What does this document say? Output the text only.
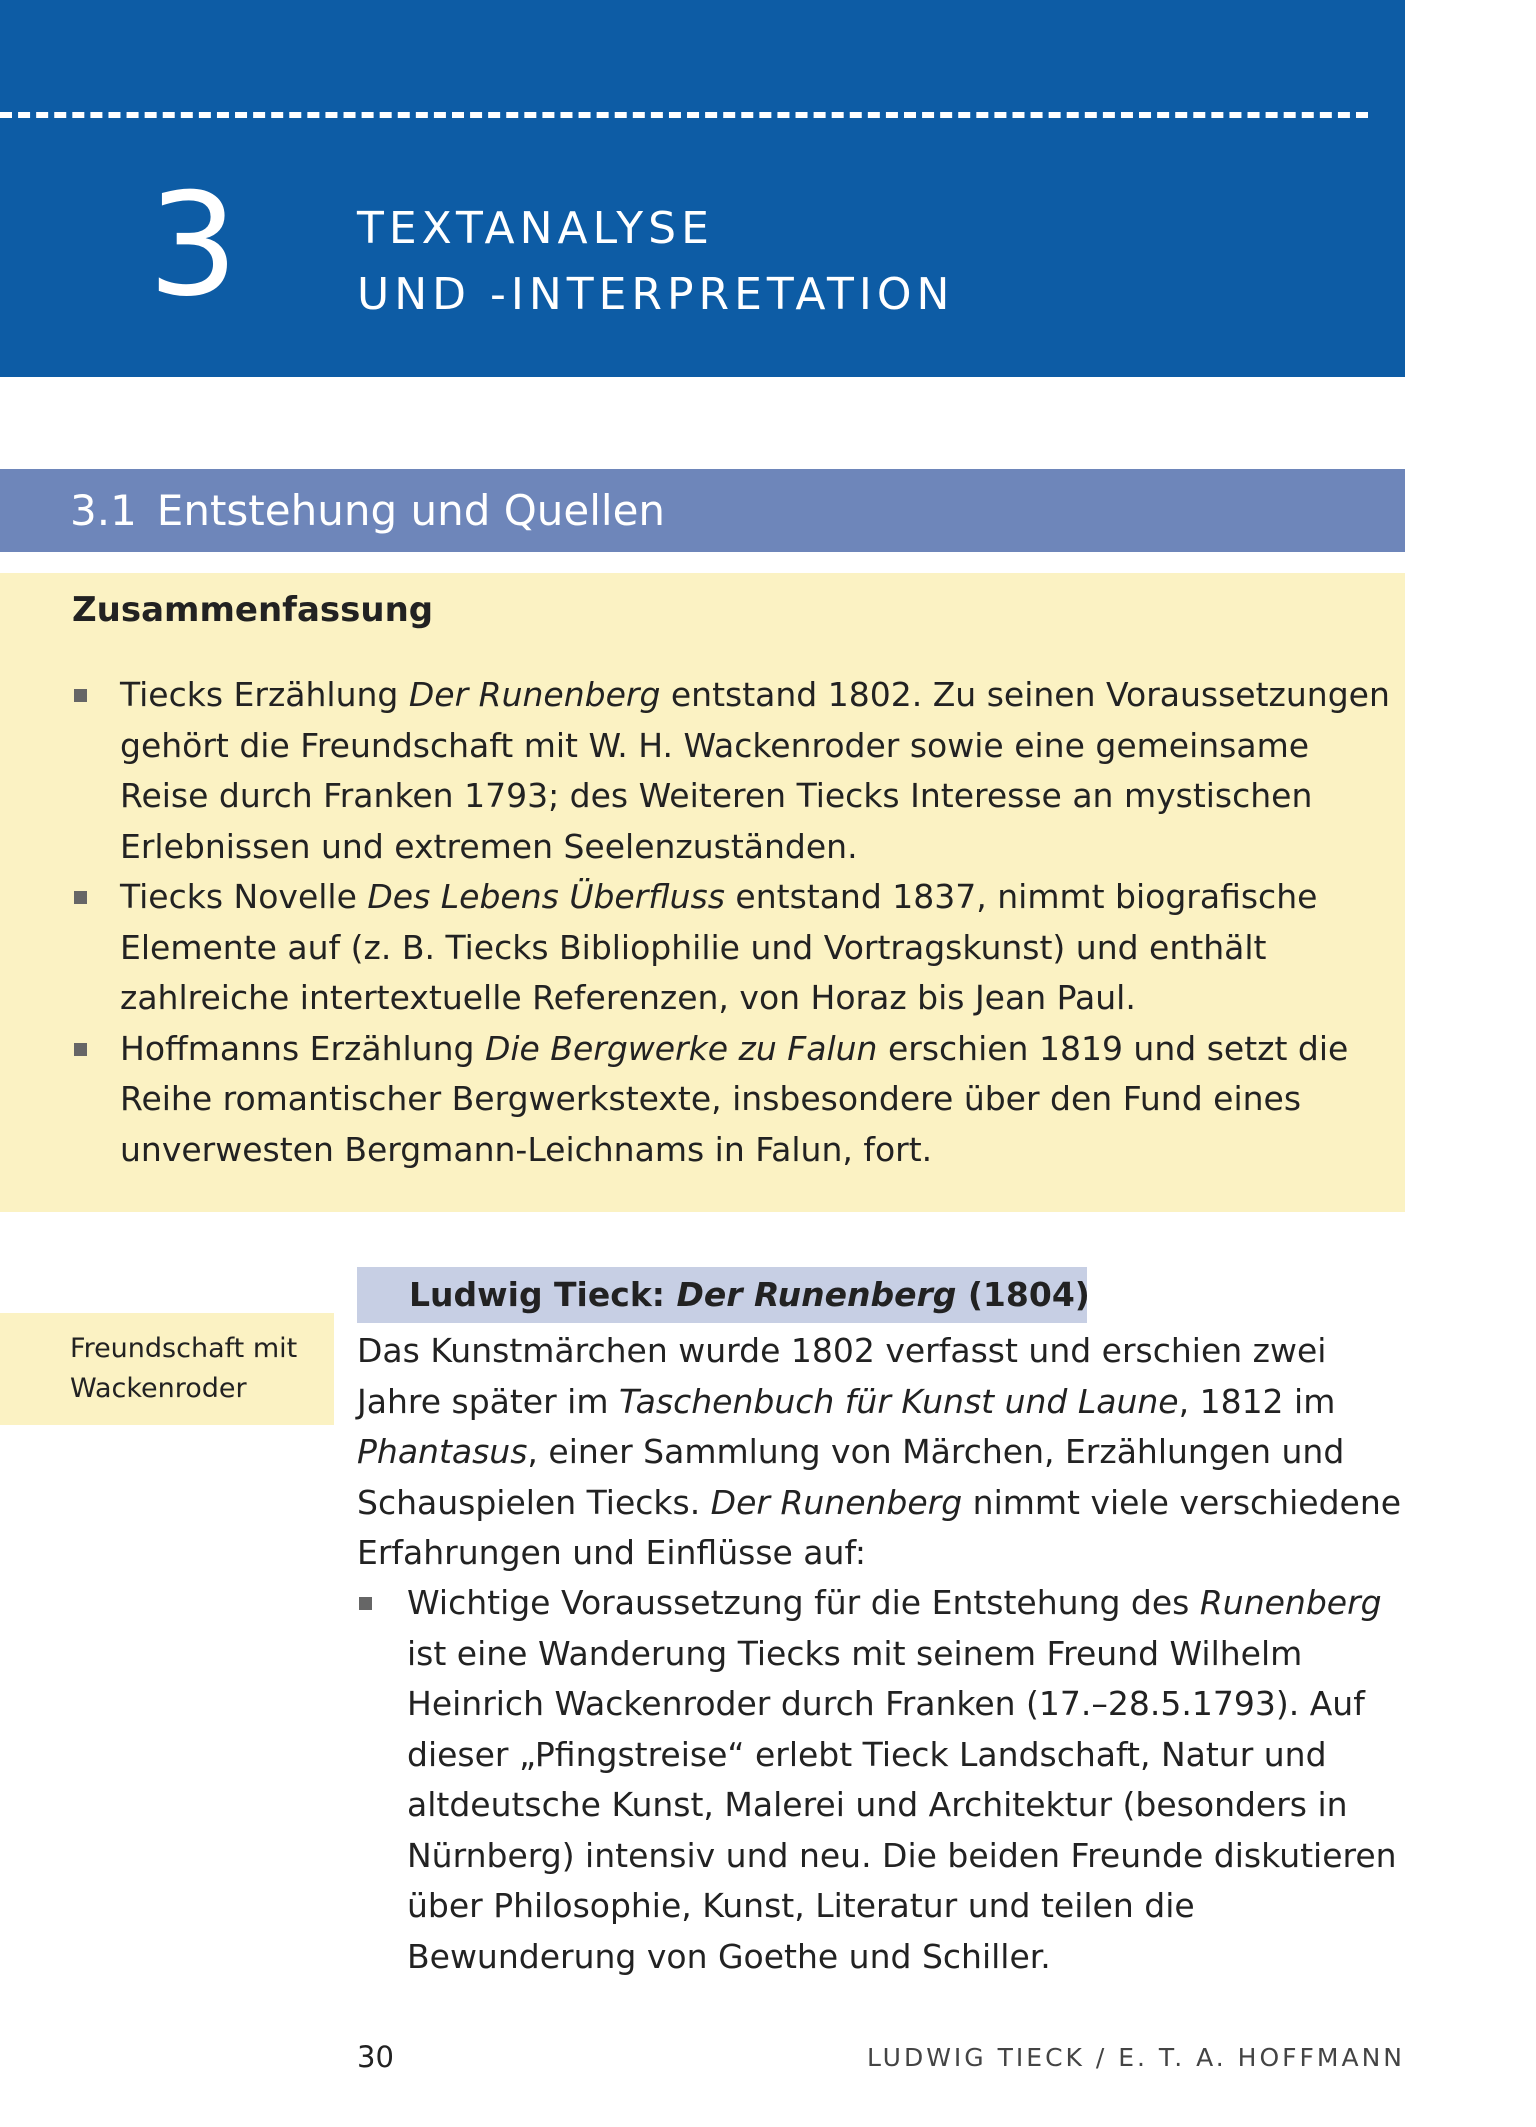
3	TEXTANALYSE
UND -INTERPRETATION
3.1 Entstehung und Quellen
Zusammenfassung
Tiecks Erzählung Der Runenberg entstand 1802. Zu seinen Voraussetzungen gehört die Freundschaft mit W. H. Wackenroder sowie eine gemeinsame Reise durch Franken 1793; des Weiteren Tiecks Interesse an mystischen Erlebnissen und extremen Seelenzuständen.
Tiecks Novelle Des Lebens Überfluss entstand 1837, nimmt biografische Elemente auf (z. B. Tiecks Bibliophilie und Vortragskunst) und enthält zahlreiche intertextuelle Referenzen, von Horaz bis Jean Paul.
Hoffmanns Erzählung Die Bergwerke zu Falun erschien 1819 und setzt die Reihe romantischer Bergwerkstexte, insbesondere über den Fund eines unverwesten Bergmann-Leichnams in Falun, fort.
Ludwig Tieck: Der Runenberg (1804)
Freundschaft mit
Wackenroder

Das Kunstmärchen wurde 1802 verfasst und erschien zwei Jahre später im Taschenbuch für Kunst und Laune, 1812 im Phantasus, einer Sammlung von Märchen, Erzählungen und Schauspielen Tiecks. Der Runenberg nimmt viele verschiedene Erfahrungen und Einflüsse auf:

Wichtige Voraussetzung für die Entstehung des Runenberg ist eine Wanderung Tiecks mit seinem Freund Wilhelm Heinrich Wackenroder durch Franken (17.–28.5.1793). Auf dieser „Pfingstreise“ erlebt Tieck Landschaft, Natur und altdeutsche Kunst, Malerei und Architektur (besonders in Nürnberg) intensiv und neu. Die beiden Freunde diskutieren über Philosophie, Kunst, Literatur und teilen die Bewunderung von Goethe und Schiller.
30	LUDWIG TIECK / E. T. A. HOFFMANN
